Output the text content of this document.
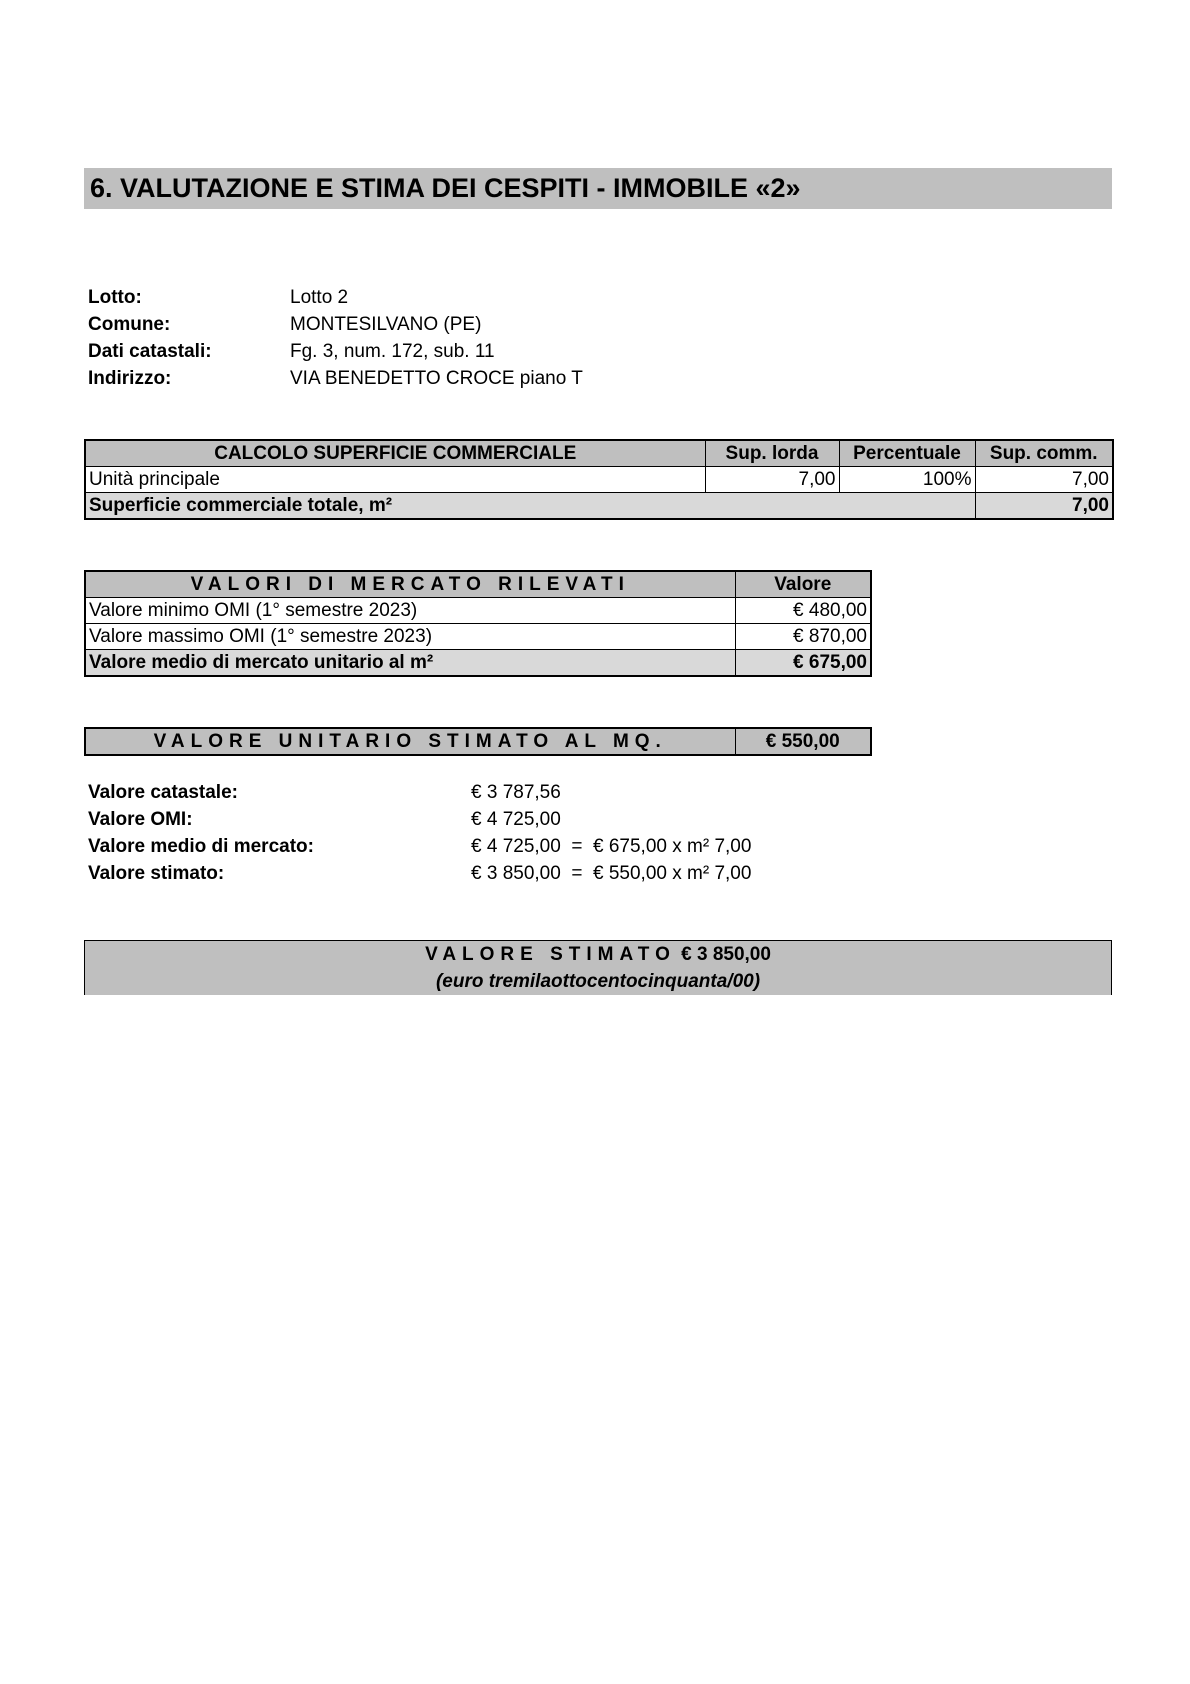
6. VALUTAZIONE E STIMA DEI CESPITI - IMMOBILE «2»
Lotto:	Lotto 2
Comune:	MONTESILVANO (PE)
Dati catastali:	Fg. 3, num. 172, sub. 11
Indirizzo:	VIA BENEDETTO CROCE piano T
CALCOLO SUPERFICIE COMMERCIALE	Sup. lorda	Percentuale	Sup. comm.
Unità principale	7,00	100%	7,00
Superficie commerciale totale, m²			7,00
VALORI DI MERCATO RILEVATI	Valore
Valore minimo OMI (1° semestre 2023)	€ 480,00
Valore massimo OMI (1° semestre 2023)	€ 870,00
Valore medio di mercato unitario al m²	€ 675,00
VALORE UNITARIO STIMATO AL MQ.	€ 550,00
Valore catastale:	€ 3 787,56
Valore OMI:	€ 4 725,00
Valore medio di mercato:	€ 4 725,00  =  € 675,00 x m² 7,00
Valore stimato:	€ 3 850,00  =  € 550,00 x m² 7,00
VALORE STIMATO € 3 850,00
(euro tremilaottocentocinquanta/00)
